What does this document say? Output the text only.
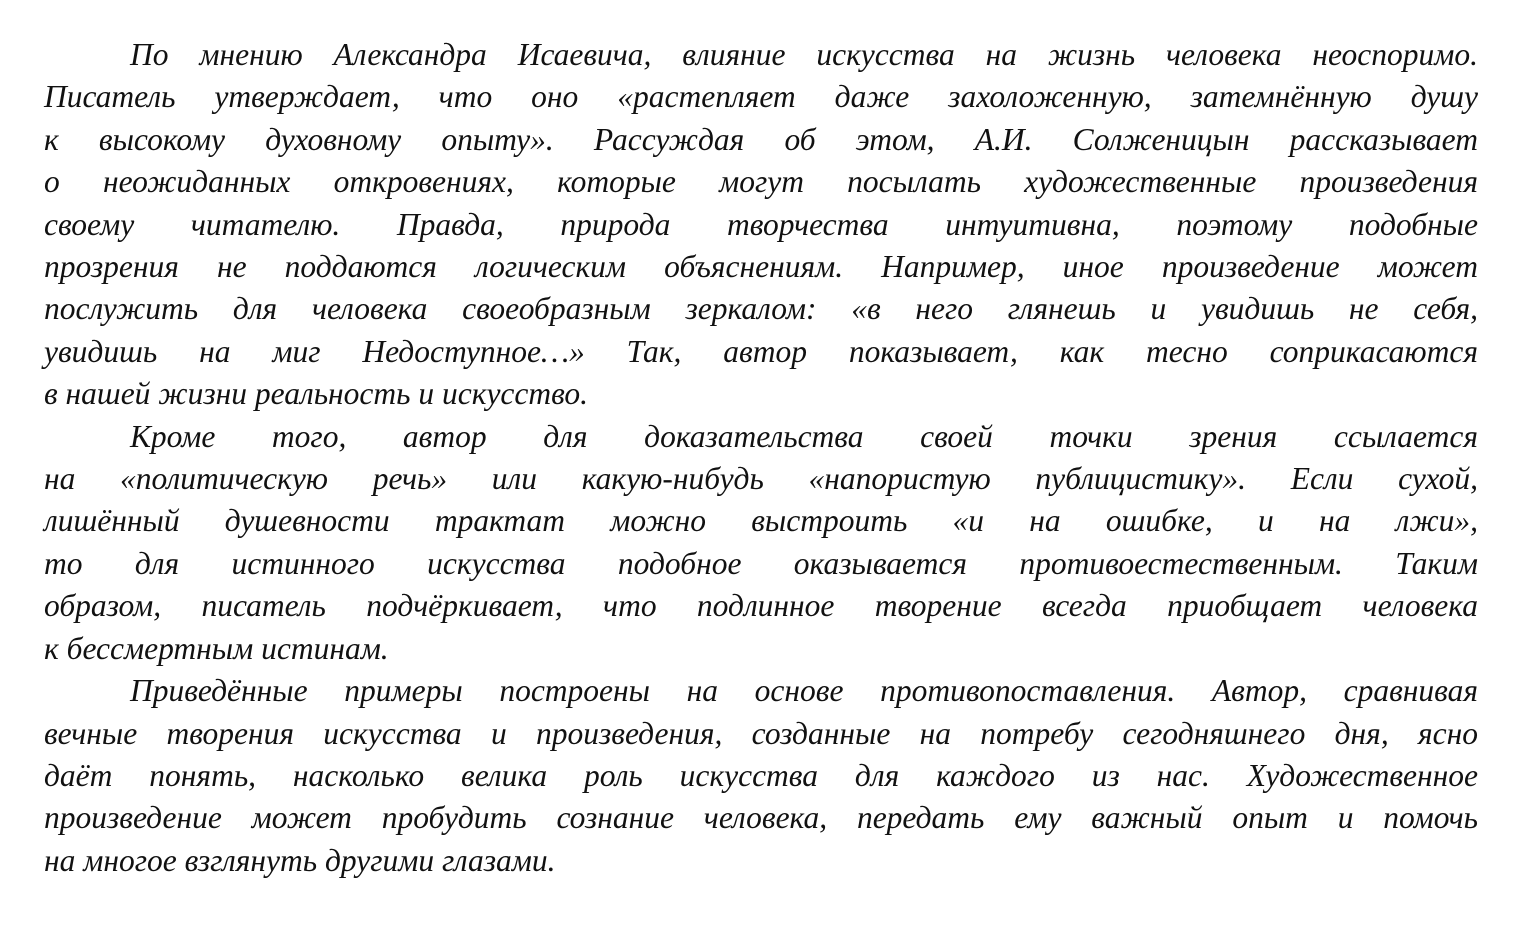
По мнению Александра Исаевича, влияние искусства на жизнь человека неоспоримо.
Писатель утверждает, что оно «растепляет даже захоложенную, затемнённую душу
к высокому духовному опыту». Рассуждая об этом, А.И. Солженицын рассказывает
о неожиданных откровениях, которые могут посылать художественные произведения
своему читателю. Правда, природа творчества интуитивна, поэтому подобные
прозрения не поддаются логическим объяснениям. Например, иное произведение может
послужить для человека своеобразным зеркалом: «в него глянешь и увидишь не себя,
увидишь на миг Недоступное…» Так, автор показывает, как тесно соприкасаются
в нашей жизни реальность и искусство.
Кроме того, автор для доказательства своей точки зрения ссылается
на «политическую речь» или какую-нибудь «напористую публицистику». Если сухой,
лишённый душевности трактат можно выстроить «и на ошибке, и на лжи»,
то для истинного искусства подобное оказывается противоестественным. Таким
образом, писатель подчёркивает, что подлинное творение всегда приобщает человека
к бессмертным истинам.
Приведённые примеры построены на основе противопоставления. Автор, сравнивая
вечные творения искусства и произведения, созданные на потребу сегодняшнего дня, ясно
даёт понять, насколько велика роль искусства для каждого из нас. Художественное
произведение может пробудить сознание человека, передать ему важный опыт и помочь
на многое взглянуть другими глазами.
